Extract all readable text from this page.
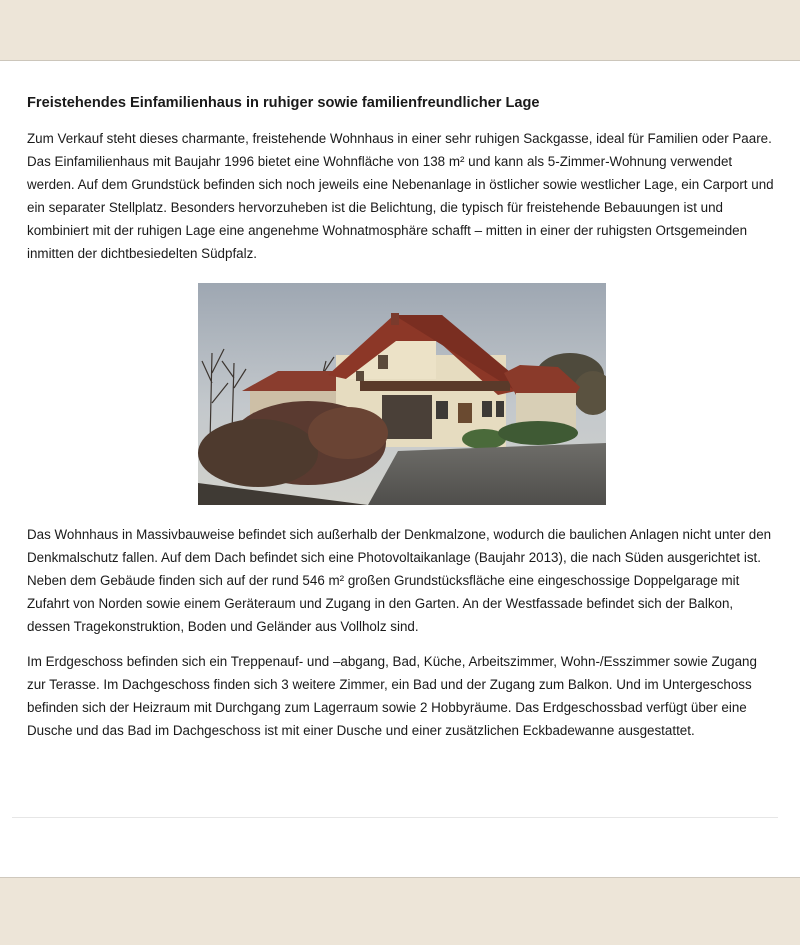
Freistehendes Einfamilienhaus in ruhiger sowie familienfreundlicher Lage

Zum Verkauf steht dieses charmante, freistehende Wohnhaus in einer sehr ruhigen Sackgasse, ideal für Familien oder Paare. Das Einfamilienhaus mit Baujahr 1996 bietet eine Wohnfläche von 138 m² und kann als 5-Zimmer-Wohnung verwendet werden. Auf dem Grundstück befinden sich noch jeweils eine Nebenanlage in östlicher sowie westlicher Lage, ein Carport und ein separater Stellplatz. Besonders hervorzuheben ist die Belichtung, die typisch für freistehende Bebauungen ist und kombiniert mit der ruhigen Lage eine angenehme Wohnatmosphäre schafft – mitten in einer der ruhigsten Ortsgemeinden inmitten der dichtbesiedelten Südpfalz.

Das Wohnhaus in Massivbauweise befindet sich außerhalb der Denkmalzone, wodurch die baulichen Anlagen nicht unter den Denkmalschutz fallen. Auf dem Dach befindet sich eine Photovoltaikanlage (Baujahr 2013), die nach Süden ausgerichtet ist. Neben dem Gebäude finden sich auf der rund 546 m² großen Grundstücksfläche eine eingeschossige Doppelgarage mit Zufahrt von Norden sowie einem Geräteraum und Zugang in den Garten. An der Westfassade befindet sich der Balkon, dessen Tragekonstruktion, Boden und Geländer aus Vollholz sind.

Im Erdgeschoss befinden sich ein Treppenauf- und –abgang, Bad, Küche, Arbeitszimmer, Wohn-/Esszimmer sowie Zugang zur Terasse. Im Dachgeschoss finden sich 3 weitere Zimmer, ein Bad und der Zugang zum Balkon. Und im Untergeschoss befinden sich der Heizraum mit Durchgang zum Lagerraum sowie 2 Hobbyräume. Das Erdgeschossbad verfügt über eine Dusche und das Bad im Dachgeschoss ist mit einer Dusche und einer zusätzlichen Eckbadewanne ausgestattet.
